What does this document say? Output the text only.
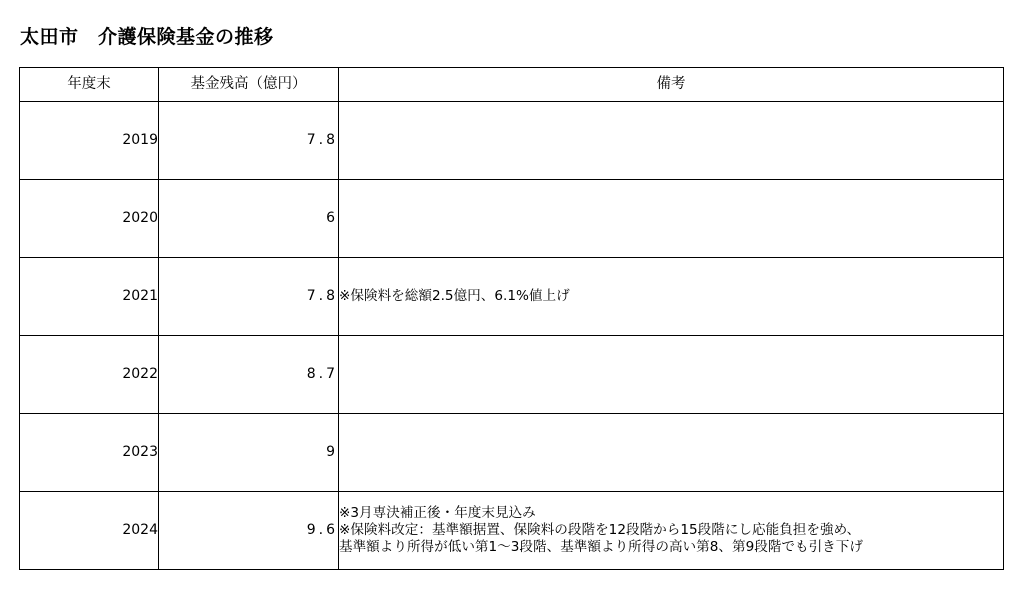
太田市　介護保険基金の推移
年度末	基金残高（億円）	備考
2019	7.8	
2020	6	
2021	7.8	※保険料を総額2.5億円、6.1%値上げ

2022	8.7	
2023	9	
2024	9.6	※3月専決補正後・年度末見込み
※保険料改定：基準額据置、保険料の段階を12段階から15段階にし応能負担を強め、
基準額より所得が低い第1～3段階、基準額より所得の高い第8、第9段階でも引き下げ
